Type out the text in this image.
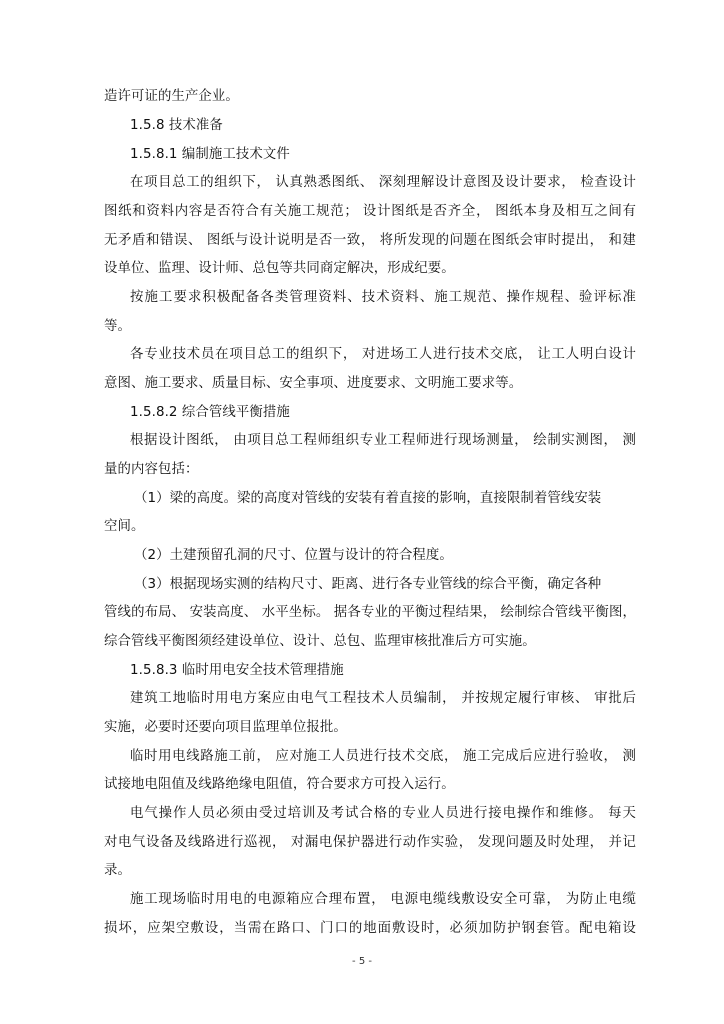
造许可证的生产企业。
1.5.8 技术准备
1.5.8.1 编制施工技术文件
在项目总工的组织下， 认真熟悉图纸、 深刻理解设计意图及设计要求， 检查设计
图纸和资料内容是否符合有关施工规范； 设计图纸是否齐全， 图纸本身及相互之间有
无矛盾和错误、 图纸与设计说明是否一致， 将所发现的问题在图纸会审时提出， 和建
设单位、监理、设计师、总包等共同商定解决，形成纪要。
按施工要求积极配备各类管理资料、技术资料、施工规范、操作规程、验评标准
等。
各专业技术员在项目总工的组织下， 对进场工人进行技术交底， 让工人明白设计
意图、施工要求、质量目标、安全事项、进度要求、文明施工要求等。
1.5.8.2 综合管线平衡措施
根据设计图纸， 由项目总工程师组织专业工程师进行现场测量， 绘制实测图， 测
量的内容包括：
（1）梁的高度。梁的高度对管线的安装有着直接的影响，直接限制着管线安装
空间。
（2）土建预留孔洞的尺寸、位置与设计的符合程度。
（3）根据现场实测的结构尺寸、距离、进行各专业管线的综合平衡，确定各种
管线的布局、 安装高度、 水平坐标。 据各专业的平衡过程结果， 绘制综合管线平衡图，
综合管线平衡图须经建设单位、设计、总包、监理审核批准后方可实施。
1.5.8.3 临时用电安全技术管理措施
建筑工地临时用电方案应由电气工程技术人员编制， 并按规定履行审核、 审批后
实施，必要时还要向项目监理单位报批。
临时用电线路施工前， 应对施工人员进行技术交底， 施工完成后应进行验收， 测
试接地电阻值及线路绝缘电阻值，符合要求方可投入运行。
电气操作人员必须由受过培训及考试合格的专业人员进行接电操作和维修。 每天
对电气设备及线路进行巡视， 对漏电保护器进行动作实验， 发现问题及时处理， 并记
录。
施工现场临时用电的电源箱应合理布置， 电源电缆线敷设安全可靠， 为防止电缆
损坏，应架空敷设，当需在路口、门口的地面敷设时，必须加防护钢套管。配电箱设
- 5 -
